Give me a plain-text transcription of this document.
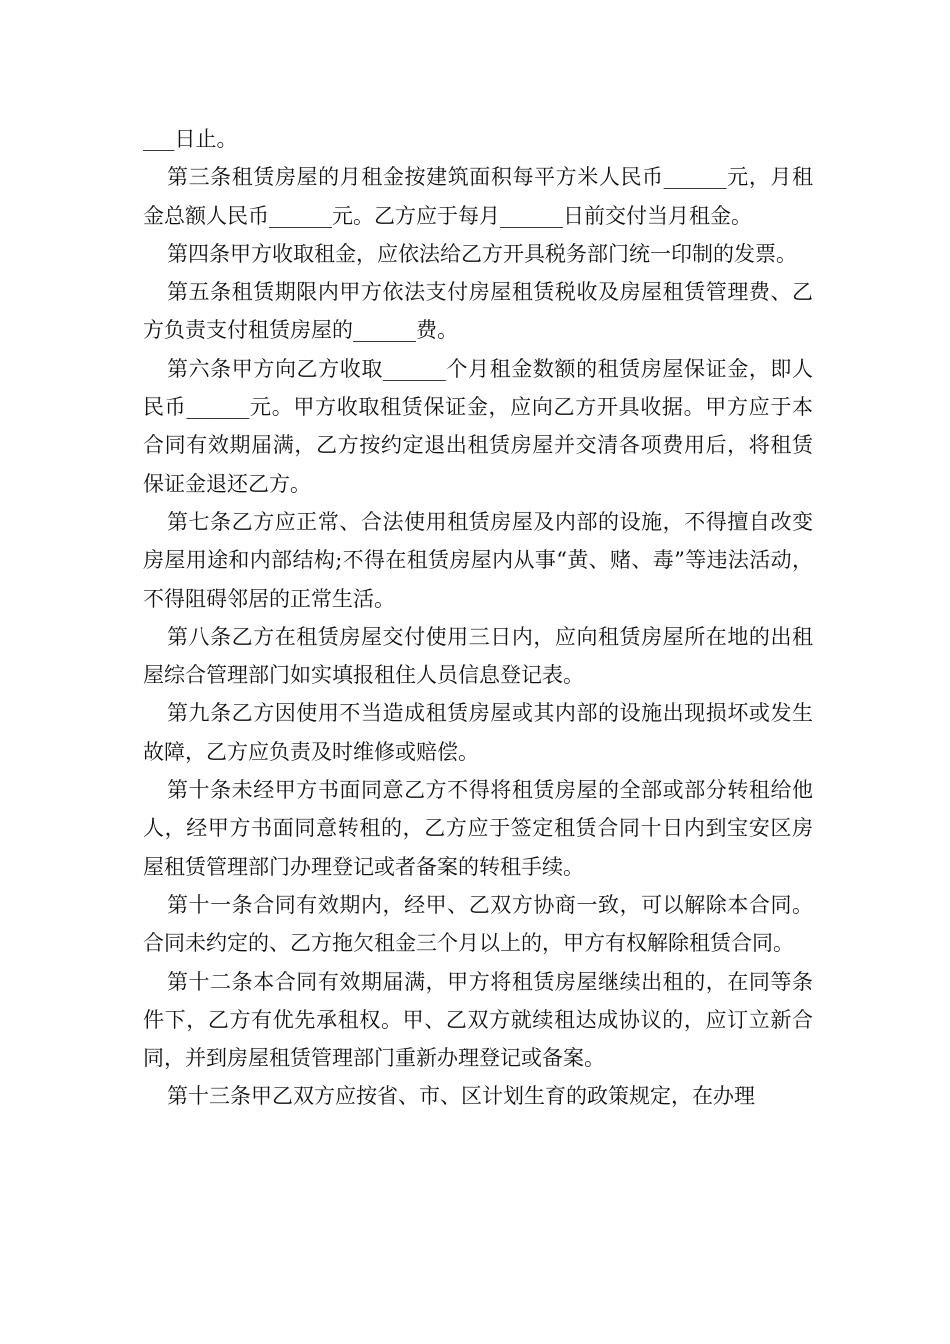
___日止。

第三条租赁房屋的月租金按建筑面积每平方米人民币______元，月租金总额人民币______元。乙方应于每月______日前交付当月租金。

第四条甲方收取租金，应依法给乙方开具税务部门统一印制的发票。

第五条租赁期限内甲方依法支付房屋租赁税收及房屋租赁管理费、乙方负责支付租赁房屋的______费。

第六条甲方向乙方收取______个月租金数额的租赁房屋保证金，即人民币______元。甲方收取租赁保证金，应向乙方开具收据。甲方应于本合同有效期届满，乙方按约定退出租赁房屋并交清各项费用后，将租赁保证金退还乙方。

第七条乙方应正常、合法使用租赁房屋及内部的设施，不得擅自改变房屋用途和内部结构;不得在租赁房屋内从事“黄、赌、毒”等违法活动，不得阻碍邻居的正常生活。

第八条乙方在租赁房屋交付使用三日内，应向租赁房屋所在地的出租屋综合管理部门如实填报租住人员信息登记表。

第九条乙方因使用不当造成租赁房屋或其内部的设施出现损坏或发生故障，乙方应负责及时维修或赔偿。

第十条未经甲方书面同意乙方不得将租赁房屋的全部或部分转租给他人，经甲方书面同意转租的，乙方应于签定租赁合同十日内到宝安区房屋租赁管理部门办理登记或者备案的转租手续。

第十一条合同有效期内，经甲、乙双方协商一致，可以解除本合同。合同未约定的、乙方拖欠租金三个月以上的，甲方有权解除租赁合同。

第十二条本合同有效期届满，甲方将租赁房屋继续出租的，在同等条件下，乙方有优先承租权。甲、乙双方就续租达成协议的，应订立新合同，并到房屋租赁管理部门重新办理登记或备案。

第十三条甲乙双方应按省、市、区计划生育的政策规定，在办理
